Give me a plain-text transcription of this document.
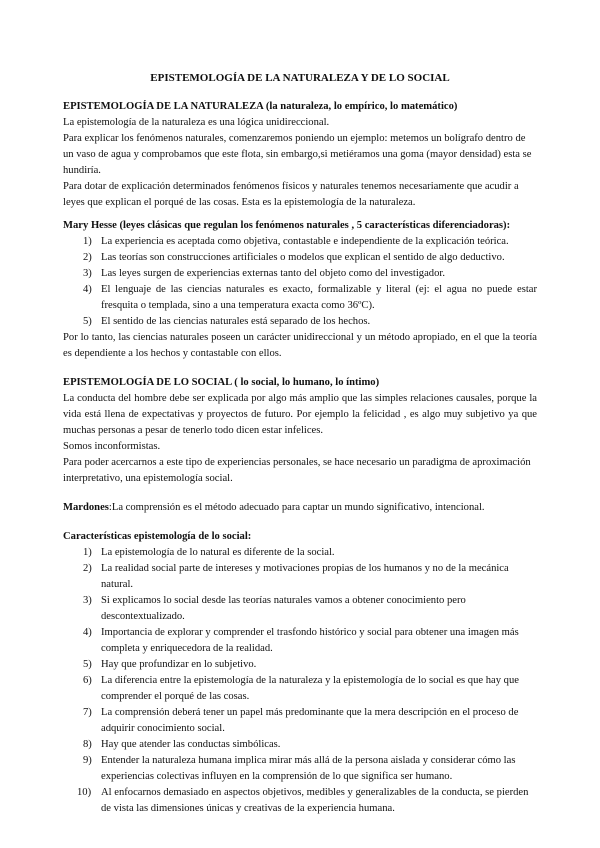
EPISTEMOLOGÍA DE LA NATURALEZA Y DE LO SOCIAL

EPISTEMOLOGÍA DE LA NATURALEZA (la naturaleza, lo empírico, lo matemático)

La epistemología de la naturaleza es una lógica unidireccional.

Para explicar los fenómenos naturales, comenzaremos poniendo un ejemplo: metemos un bolígrafo dentro de un vaso de agua y comprobamos que este flota, sin embargo,si metiéramos una goma (mayor densidad) esta se hundiría.

Para dotar de explicación determinados fenómenos físicos y naturales tenemos necesariamente que acudir a leyes que explican el porqué de las cosas. Esta es la epistemología de la naturaleza.

Mary Hesse (leyes clásicas que regulan los fenómenos naturales , 5 características diferenciadoras):

1) La experiencia es aceptada como objetiva, contastable e independiente de la explicación teórica.
2) Las teorías son construcciones artificiales o modelos que explican el sentido de algo deductivo.
3) Las leyes surgen de experiencias externas tanto del objeto como del investigador.
4) El lenguaje de las ciencias naturales es exacto, formalizable y literal (ej: el agua no puede estar fresquita o templada, sino a una temperatura exacta como 36ºC).
5) El sentido de las ciencias naturales está separado de los hechos.

Por lo tanto, las ciencias naturales poseen un carácter unidireccional y un método apropiado, en el que la teoría es dependiente a los hechos y contastable con ellos.

EPISTEMOLOGÍA DE LO SOCIAL ( lo social, lo humano, lo íntimo)

La conducta del hombre debe ser explicada por algo más amplio que las simples relaciones causales, porque la vida está llena de expectativas y proyectos de futuro. Por ejemplo la felicidad , es algo muy subjetivo ya que muchas personas a pesar de tenerlo todo dicen estar infelices.

Somos inconformistas.

Para poder acercarnos a este tipo de experiencias personales, se hace necesario un paradigma de aproximación interpretativo, una epistemología social.

Mardones:La comprensión es el método adecuado para captar un mundo significativo, intencional.

Características epistemología de lo social:

1) La epistemología de lo natural es diferente de la social.
2) La realidad social parte de intereses y motivaciones propias de los humanos y no de la mecánica natural.
3) Si explicamos lo social desde las teorías naturales vamos a obtener conocimiento pero descontextualizado.
4) Importancia de explorar y comprender el trasfondo histórico y social para obtener una imagen más completa y enriquecedora de la realidad.
5) Hay que profundizar en lo subjetivo.
6) La diferencia entre la epistemología de la naturaleza y la epistemología de lo social es que hay que comprender el porqué de las cosas.
7) La comprensión deberá tener un papel más predominante que la mera descripción en el proceso de adquirir conocimiento social.
8) Hay que atender las conductas simbólicas.
9) Entender la naturaleza humana implica mirar más allá de la persona aislada y considerar cómo las experiencias colectivas influyen en la comprensión de lo que significa ser humano.
10) Al enfocarnos demasiado en aspectos objetivos, medibles y generalizables de la conducta, se pierden de vista las dimensiones únicas y creativas de la experiencia humana.
